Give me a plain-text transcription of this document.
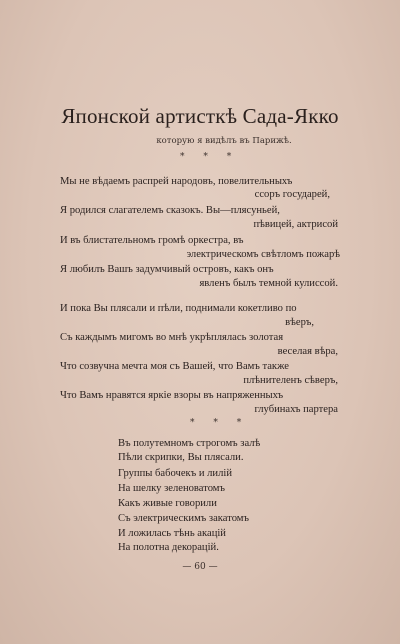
Японской артисткѣ Сада-Якко
которую я видѣлъ въ Парижѣ.
* * *
Мы не вѣдаемъ распрей народовъ, повелительныхъ
ссоръ государей,
Я родился слагателемъ сказокъ. Вы—плясуньей,
пѣвицей, актрисой
И въ блистательномъ громѣ оркестра, въ
электрическомъ свѣтломъ пожарѣ
Я любилъ Вашъ задумчивый островъ, какъ онъ
явленъ былъ темной кулиссой.
И пока Вы плясали и пѣли, поднимали кокетливо по
вѣеръ,
Съ каждымъ мигомъ во мнѣ укрѣплялась золотая
веселая вѣра,
Что созвучна мечта моя съ Вашей, что Вамъ также
плѣнителенъ сѣверъ,
Что Вамъ нравятся яркіе взоры въ напряженныхъ
глубинахъ партера
* * *
Въ полутемномъ строгомъ залѣ
Пѣли скрипки, Вы плясали.
Группы бабочекъ и лилій
На шелку зеленоватомъ
Какъ живые говорили
Съ электрическимъ закатомъ
И ложилась тѣнь акацій
На полотна декорацій.
— 60 —
